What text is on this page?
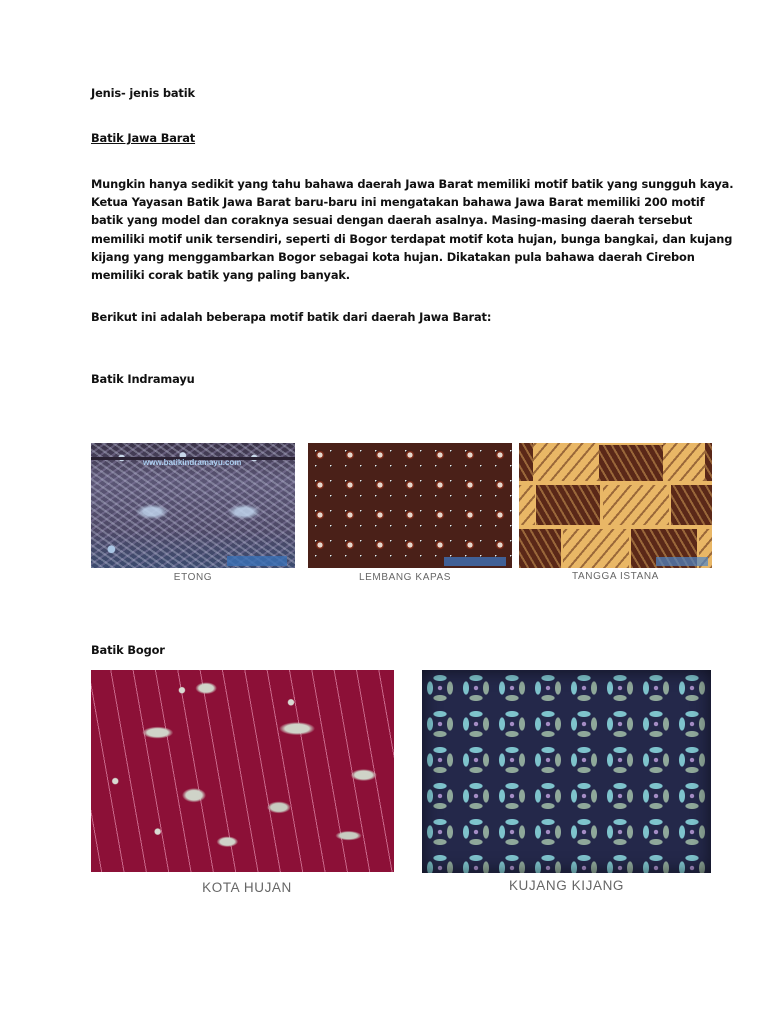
Jenis- jenis batik
Batik Jawa Barat
Mungkin hanya sedikit yang tahu bahawa daerah Jawa Barat memiliki motif batik yang sungguh kaya.
Ketua Yayasan Batik Jawa Barat baru-baru ini mengatakan bahawa Jawa Barat memiliki 200 motif
batik yang model dan coraknya sesuai dengan daerah asalnya. Masing-masing daerah tersebut
memiliki motif unik tersendiri, seperti di Bogor terdapat motif kota hujan, bunga bangkai, dan kujang
kijang yang menggambarkan Bogor sebagai kota hujan. Dikatakan pula bahawa daerah Cirebon
memiliki corak batik yang paling banyak.
Berikut ini adalah beberapa motif batik dari daerah Jawa Barat:
Batik Indramayu
www.batikindramayu.com
ETONG	LEMBANG KAPAS	TANGGA ISTANA
Batik Bogor
KOTA HUJAN	KUJANG KIJANG
